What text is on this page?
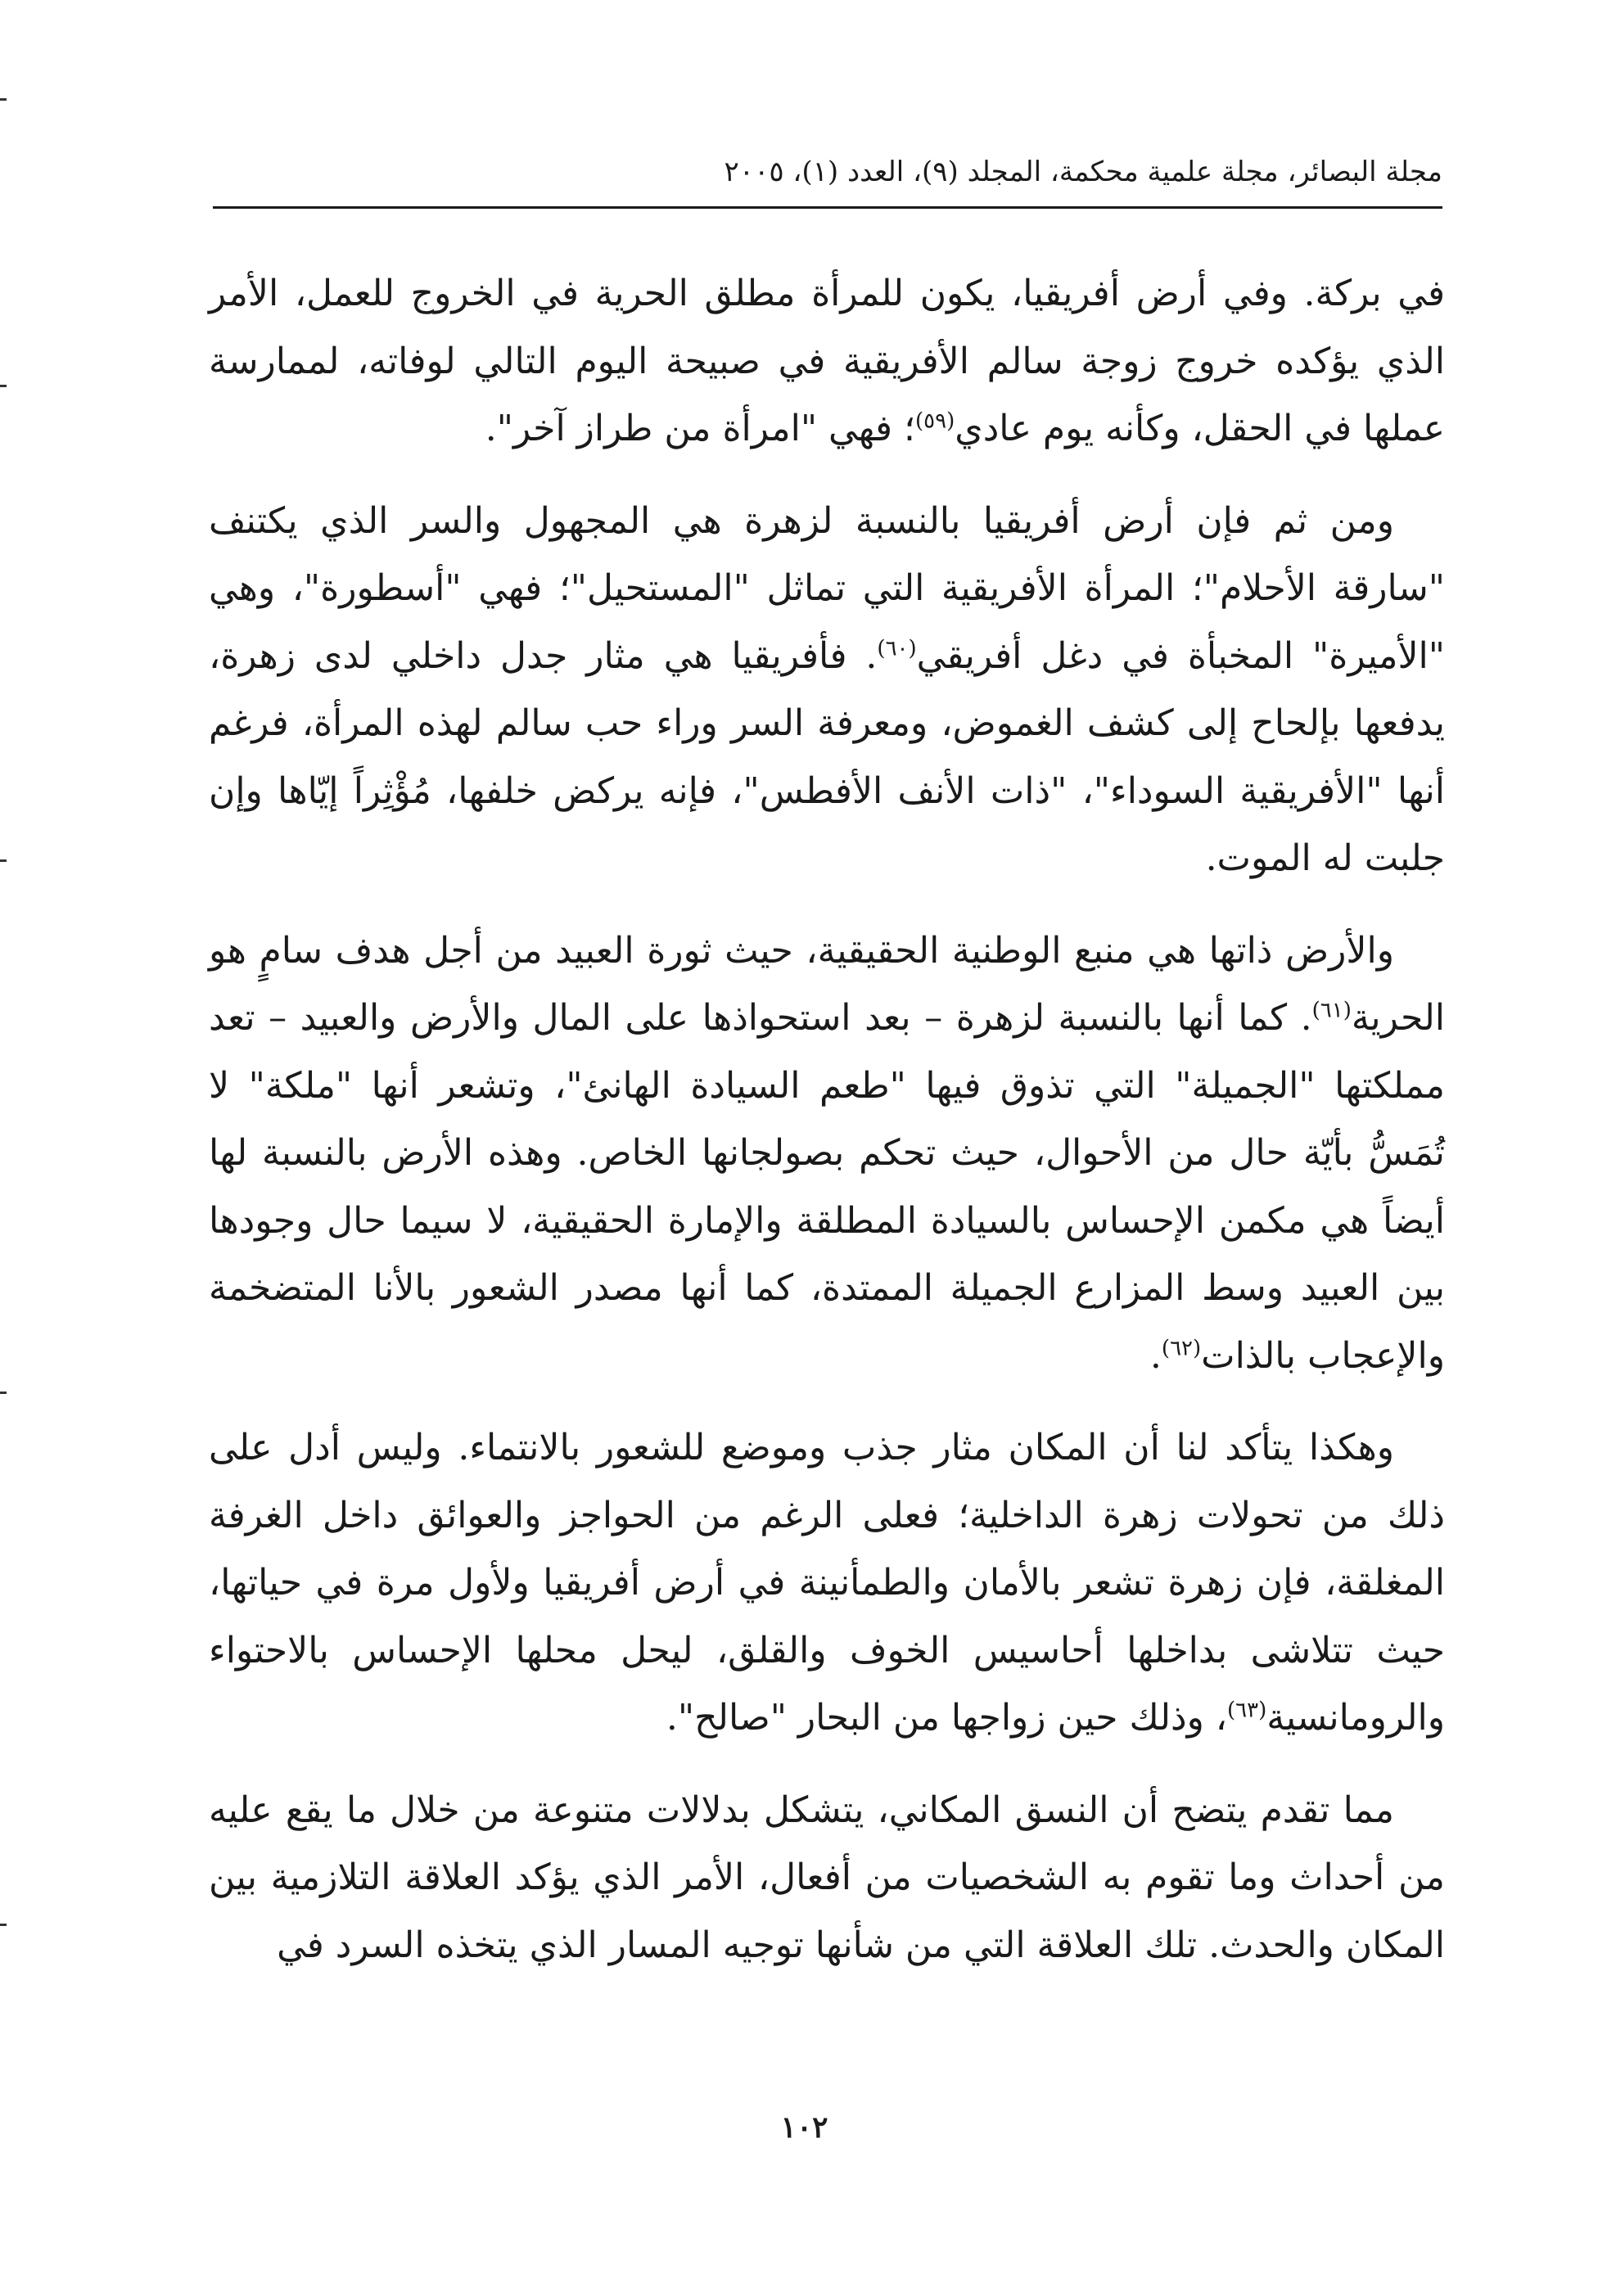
مجلة البصائر، مجلة علمية محكمة، المجلد (٩)، العدد (١)، ٢٠٠٥

في بركة. وفي أرض أفريقيا، يكون للمرأة مطلق الحرية في الخروج للعمل، الأمر الذي يؤكده خروج زوجة سالم الأفريقية في صبيحة اليوم التالي لوفاته، لممارسة عملها في الحقل، وكأنه يوم عادي$^{(٥٩)}$؛ فهي "امرأة من طراز آخر".

ومن ثم فإن أرض أفريقيا بالنسبة لزهرة هي المجهول والسر الذي يكتنف "سارقة الأحلام"؛ المرأة الأفريقية التي تماثل "المستحيل"؛ فهي "أسطورة"، وهي "الأميرة" المخبأة في دغل أفريقي$^{(٦٠)}$. فأفريقيا هي مثار جدل داخلي لدى زهرة، يدفعها بإلحاح إلى كشف الغموض، ومعرفة السر وراء حب سالم لهذه المرأة، فرغم أنها "الأفريقية السوداء"، "ذات الأنف الأفطس"، فإنه يركض خلفها، مُؤْثِراً إيّاها وإن جلبت له الموت.

والأرض ذاتها هي منبع الوطنية الحقيقية، حيث ثورة العبيد من أجل هدف سامٍ هو الحرية$^{(٦١)}$. كما أنها بالنسبة لزهرة – بعد استحواذها على المال والأرض والعبيد – تعد مملكتها "الجميلة" التي تذوق فيها "طعم السيادة الهانئ"، وتشعر أنها "ملكة" لا تُمَسُّ بأيّة حال من الأحوال، حيث تحكم بصولجانها الخاص. وهذه الأرض بالنسبة لها أيضاً هي مكمن الإحساس بالسيادة المطلقة والإمارة الحقيقية، لا سيما حال وجودها بين العبيد وسط المزارع الجميلة الممتدة، كما أنها مصدر الشعور بالأنا المتضخمة والإعجاب بالذات$^{(٦٢)}$.

وهكذا يتأكد لنا أن المكان مثار جذب وموضع للشعور بالانتماء. وليس أدل على ذلك من تحولات زهرة الداخلية؛ فعلى الرغم من الحواجز والعوائق داخل الغرفة المغلقة، فإن زهرة تشعر بالأمان والطمأنينة في أرض أفريقيا ولأول مرة في حياتها، حيث تتلاشى بداخلها أحاسيس الخوف والقلق، ليحل محلها الإحساس بالاحتواء والرومانسية$^{(٦٣)}$، وذلك حين زواجها من البحار "صالح".

مما تقدم يتضح أن النسق المكاني، يتشكل بدلالات متنوعة من خلال ما يقع عليه من أحداث وما تقوم به الشخصيات من أفعال، الأمر الذي يؤكد العلاقة التلازمية بين المكان والحدث. تلك العلاقة التي من شأنها توجيه المسار الذي يتخذه السرد في

١٠٢
